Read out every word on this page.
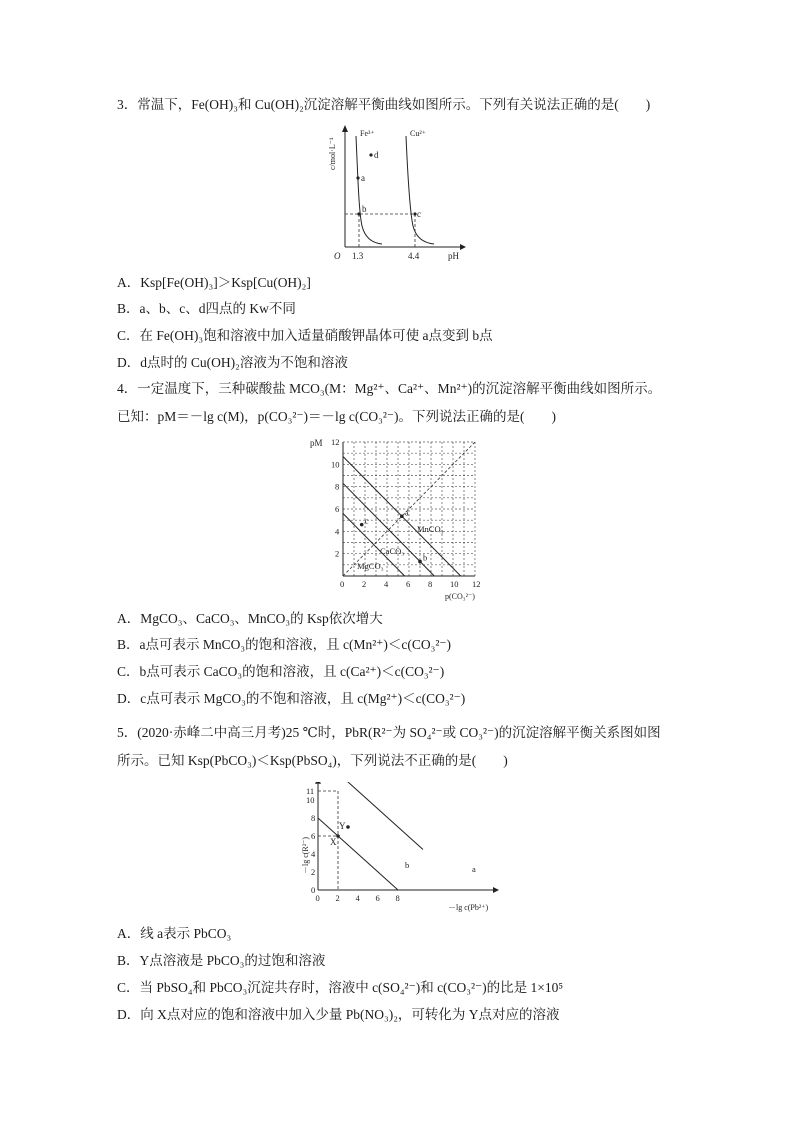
3．常温下，Fe(OH)₃和 Cu(OH)₂沉淀溶解平衡曲线如图所示。下列有关说法正确的是(　　)
Fe³⁺	Cu²⁺
d
a
b	c
1.3	4.4
O	pH
c/mol·L⁻¹
A．Ksp[Fe(OH)₃]＞Ksp[Cu(OH)₂]
B．a、b、c、d四点的 Kw不同
C．在 Fe(OH)₃饱和溶液中加入适量硝酸钾晶体可使 a点变到 b点
D．d点时的 Cu(OH)₂溶液为不饱和溶液
4．一定温度下，三种碳酸盐 MCO₃(M：Mg²⁺、Ca²⁺、Mn²⁺)的沉淀溶解平衡曲线如图所示。
已知：pM＝－lg c(M)，p(CO₃²⁻)＝－lg c(CO₃²⁻)。下列说法正确的是(　　)
pM
p(CO₃²⁻)
0 2 4 6 8 10 12
2
4
6
8
10
12
a
b
c
MnCO₃
CaCO₃
MgCO₃
A．MgCO₃、CaCO₃、MnCO₃的 Ksp依次增大
B．a点可表示 MnCO₃的饱和溶液，且 c(Mn²⁺)＜c(CO₃²⁻)
C．b点可表示 CaCO₃的饱和溶液，且 c(Ca²⁺)＜c(CO₃²⁻)
D．c点可表示 MgCO₃的不饱和溶液，且 c(Mg²⁺)＜c(CO₃²⁻)
5．(2020·赤峰二中高三月考)25 ℃时，PbR(R²⁻为 SO₄²⁻或 CO₃²⁻)的沉淀溶解平衡关系图如图
所示。已知 Ksp(PbCO₃)＜Ksp(PbSO₄)，下列说法不正确的是(　　)
0 2 4 6 8
0
2
4
6
8
10
11
X
Y
－lg c(R²⁻)
－lg c(Pb²⁺)
a
b
A．线 a表示 PbCO₃
B．Y点溶液是 PbCO₃的过饱和溶液
C．当 PbSO₄和 PbCO₃沉淀共存时，溶液中 c(SO₄²⁻)和 c(CO₃²⁻)的比是 1×10⁵
D．向 X点对应的饱和溶液中加入少量 Pb(NO₃)₂，可转化为 Y点对应的溶液
